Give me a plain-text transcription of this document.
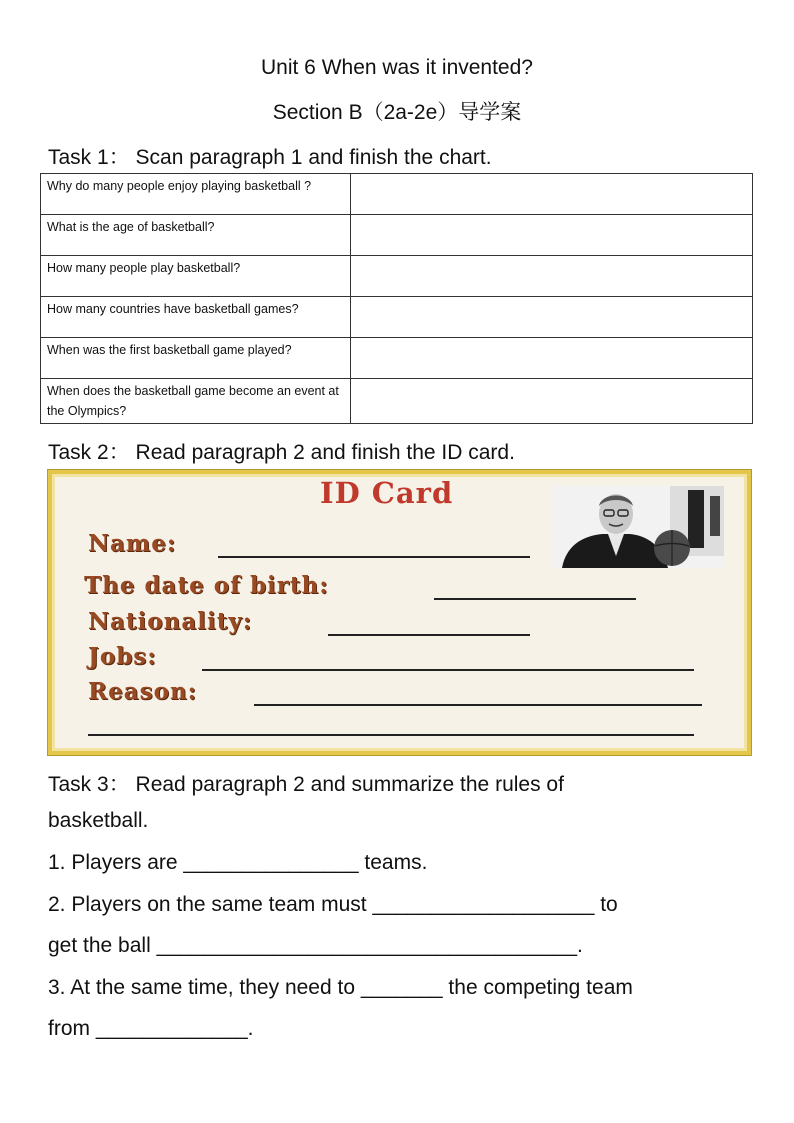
Unit 6 When was it invented?
Section B（2a-2e）导学案
Task 1： Scan paragraph 1 and finish the chart.
Why do many people enjoy playing basketball ?	
What is the age of basketball?	
How many people play basketball?	
How many countries have basketball games?	
When was the first basketball game played?	
When does the basketball game become an event at the Olympics?	
Task 2： Read paragraph 2 and finish the ID card.
ID Card
Name:
The date of birth:
Nationality:
Jobs:
Reason:
Task 3： Read paragraph 2 and summarize the rules of
basketball.
1. Players are _______________ teams.
2. Players on the same team must ___________________ to
get the ball ____________________________________.
3. At the same time, they need to _______ the competing team
from _____________.
